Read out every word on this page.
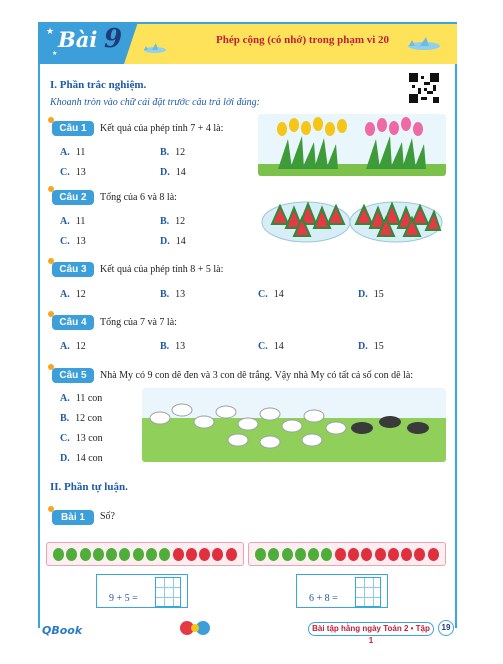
★
★
Bài 9	Phép cộng (có nhớ) trong phạm vi 20
I. Phần trắc nghiệm.
Khoanh tròn vào chữ cái đặt trước câu trả lời đúng:
Câu 1	Kết quả của phép tính 7 + 4 là:
A. 11	B. 12
C. 13	D. 14
Câu 2	Tổng của 6 và 8 là:
A. 11	B. 12
C. 13	D. 14
Câu 3	Kết quả của phép tính 8 + 5 là:
A. 12	B. 13	C. 14	D. 15
Câu 4	Tổng của 7 và 7 là:
A. 12	B. 13	C. 14	D. 15
Câu 5	Nhà My có 9 con dê đen và 3 con dê trắng. Vậy nhà My có tất cả số con dê là:
A. 11 con
B. 12 con
C. 13 con
D. 14 con
II. Phần tự luận.
Bài 1	Số?
9 + 5 =	6 + 8 =
QBook	Bài tập hằng ngày Toán 2 • Tập 1
19
